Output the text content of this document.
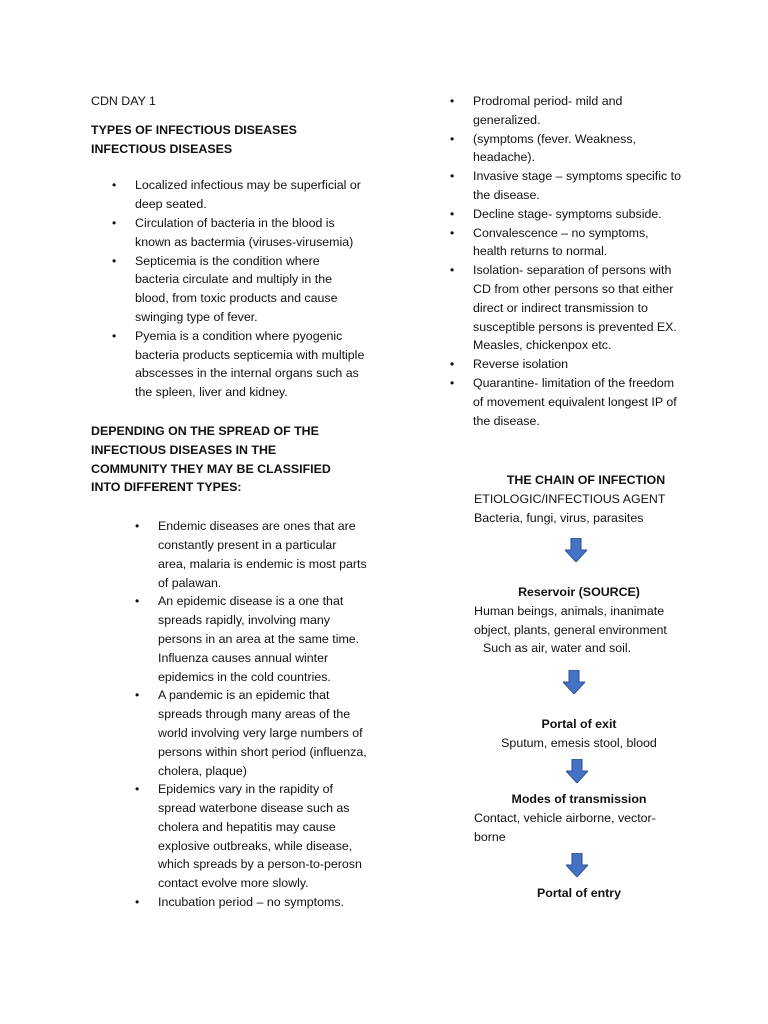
CDN DAY 1

TYPES OF INFECTIOUS DISEASES INFECTIOUS DISEASES

• Localized infectious may be superficial or deep seated.
• Circulation of bacteria in the blood is known as bactermia (viruses-virusemia)
• Septicemia is the condition where bacteria circulate and multiply in the blood, from toxic products and cause swinging type of fever.
• Pyemia is a condition where pyogenic bacteria products septicemia with multiple abscesses in the internal organs such as the spleen, liver and kidney.

DEPENDING ON THE SPREAD OF THE INFECTIOUS DISEASES IN THE COMMUNITY THEY MAY BE CLASSIFIED INTO DIFFERENT TYPES:

• Endemic diseases are ones that are constantly present in a particular area, malaria is endemic is most parts of palawan.
• An epidemic disease is a one that spreads rapidly, involving many persons in an area at the same time. Influenza causes annual winter epidemics in the cold countries.
• A pandemic is an epidemic that spreads through many areas of the world involving very large numbers of persons within short period (influenza, cholera, plaque)
• Epidemics vary in the rapidity of spread waterbone disease such as cholera and hepatitis may cause explosive outbreaks, while disease, which spreads by a person-to-perosn contact evolve more slowly.
• Incubation period – no symptoms.
• Prodromal period- mild and generalized.
• (symptoms (fever. Weakness, headache).
• Invasive stage – symptoms specific to the disease.
• Decline stage- symptoms subside.
• Convalescence – no symptoms, health returns to normal.
• Isolation- separation of persons with CD from other persons so that either direct or indirect transmission to susceptible persons is prevented EX. Measles, chickenpox etc.
• Reverse isolation
• Quarantine- limitation of the freedom of movement equivalent longest IP of the disease.
THE CHAIN OF INFECTION
ETIOLOGIC/INFECTIOUS AGENT
Bacteria, fungi, virus, parasites
Reservoir (SOURCE)
Human beings, animals, inanimate object, plants, general environment
Such as air, water and soil.
Portal of exit
Sputum, emesis stool, blood
Modes of transmission
Contact, vehicle airborne, vector-borne
Portal of entry
